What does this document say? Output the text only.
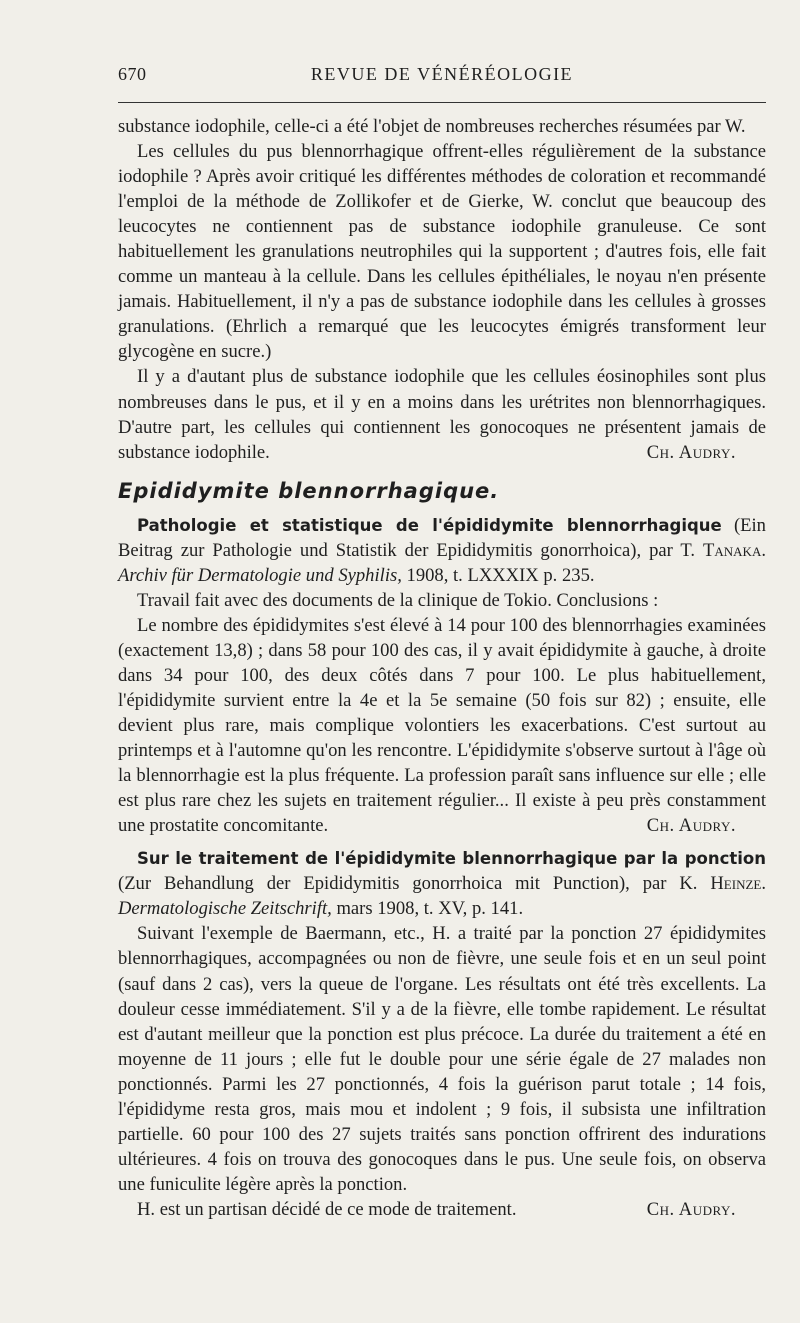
670	REVUE DE VÉNÉRÉOLOGIE

substance iodophile, celle-ci a été l'objet de nombreuses recherches résumées par W.

Les cellules du pus blennorrhagique offrent-elles régulièrement de la substance iodophile ? Après avoir critiqué les différentes méthodes de coloration et recommandé l'emploi de la méthode de Zollikofer et de Gierke, W. conclut que beaucoup des leucocytes ne contiennent pas de substance iodophile granuleuse. Ce sont habituellement les granulations neutrophiles qui la supportent ; d'autres fois, elle fait comme un manteau à la cellule. Dans les cellules épithéliales, le noyau n'en présente jamais. Habituellement, il n'y a pas de substance iodophile dans les cellules à grosses granulations. (Ehrlich a remarqué que les leucocytes émigrés transforment leur glycogène en sucre.)

Il y a d'autant plus de substance iodophile que les cellules éosinophiles sont plus nombreuses dans le pus, et il y en a moins dans les urétrites non blennorrhagiques. D'autre part, les cellules qui contiennent les gonocoques ne présentent jamais de substance iodophile.	Ch. Audry.

Epididymite blennorrhagique.

Pathologie et statistique de l'épididymite blennorrhagique (Ein Beitrag zur Pathologie und Statistik der Epididymitis gonorrhoica), par T. Tanaka. Archiv für Dermatologie und Syphilis, 1908, t. LXXXIX p. 235.

Travail fait avec des documents de la clinique de Tokio. Conclusions :

Le nombre des épididymites s'est élevé à 14 pour 100 des blennorrhagies examinées (exactement 13,8) ; dans 58 pour 100 des cas, il y avait épididymite à gauche, à droite dans 34 pour 100, des deux côtés dans 7 pour 100. Le plus habituellement, l'épididymite survient entre la 4e et la 5e semaine (50 fois sur 82) ; ensuite, elle devient plus rare, mais complique volontiers les exacerbations. C'est surtout au printemps et à l'automne qu'on les rencontre. L'épididymite s'observe surtout à l'âge où la blennorrhagie est la plus fréquente. La profession paraît sans influence sur elle ; elle est plus rare chez les sujets en traitement régulier... Il existe à peu près constamment une prostatite concomitante.	Ch. Audry.

Sur le traitement de l'épididymite blennorrhagique par la ponction (Zur Behandlung der Epididymitis gonorrhoica mit Punction), par K. Heinze. Dermatologische Zeitschrift, mars 1908, t. XV, p. 141.

Suivant l'exemple de Baermann, etc., H. a traité par la ponction 27 épididymites blennorrhagiques, accompagnées ou non de fièvre, une seule fois et en un seul point (sauf dans 2 cas), vers la queue de l'organe. Les résultats ont été très excellents. La douleur cesse immédiatement. S'il y a de la fièvre, elle tombe rapidement. Le résultat est d'autant meilleur que la ponction est plus précoce. La durée du traitement a été en moyenne de 11 jours ; elle fut le double pour une série égale de 27 malades non ponctionnés. Parmi les 27 ponctionnés, 4 fois la guérison parut totale ; 14 fois, l'épididyme resta gros, mais mou et indolent ; 9 fois, il subsista une infiltration partielle. 60 pour 100 des 27 sujets traités sans ponction offrirent des indurations ultérieures. 4 fois on trouva des gonocoques dans le pus. Une seule fois, on observa une funiculite légère après la ponction.

H. est un partisan décidé de ce mode de traitement.	Ch. Audry.
